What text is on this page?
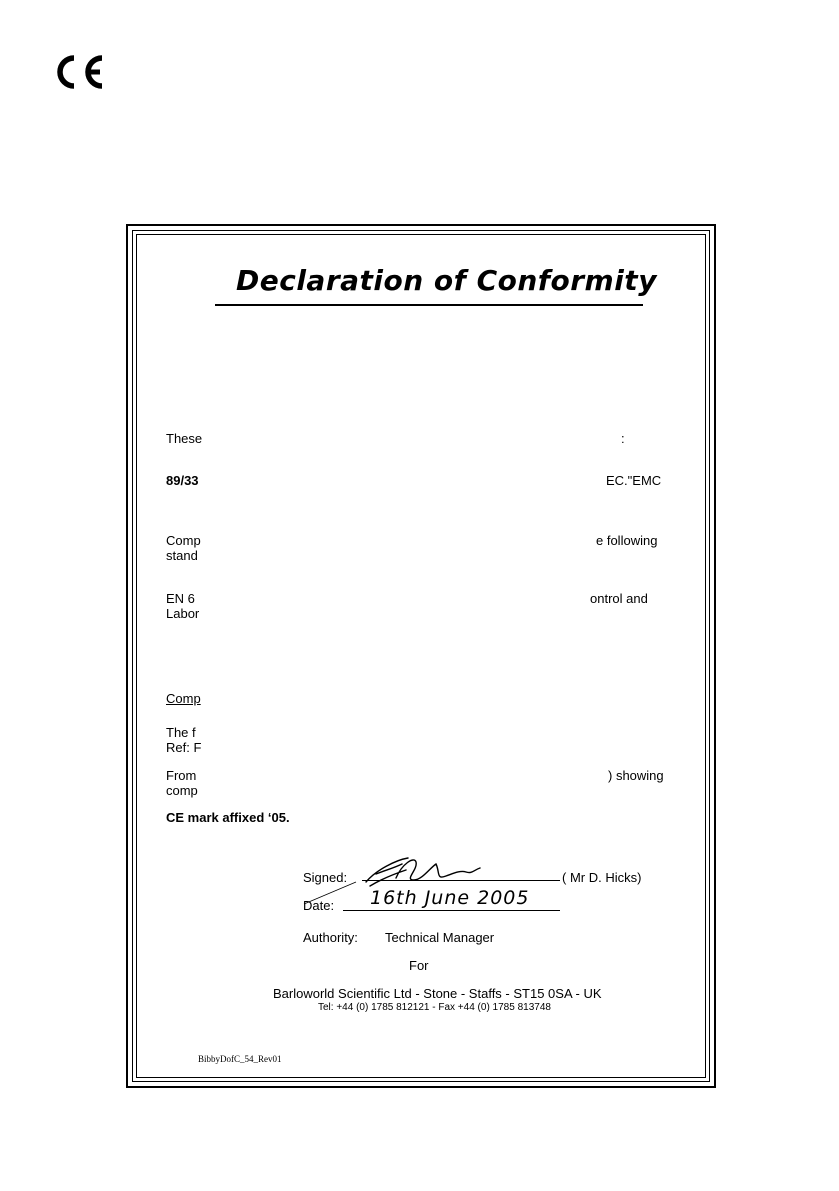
Declaration of Conformity
These	:
89/33	EC."EMC
Comp	e following
stand
EN 6	ontrol and
Labor
Comp
The f
Ref: F
From	) showing
comp
CE mark affixed ‘05.
Signed:	( Mr D. Hicks)
Date: 16th June 2005
Authority: Technical Manager
For
Barloworld Scientific Ltd - Stone - Staffs - ST15 0SA - UK
Tel: +44 (0) 1785 812121 - Fax +44 (0) 1785 813748
BibbyDofC_54_Rev01
